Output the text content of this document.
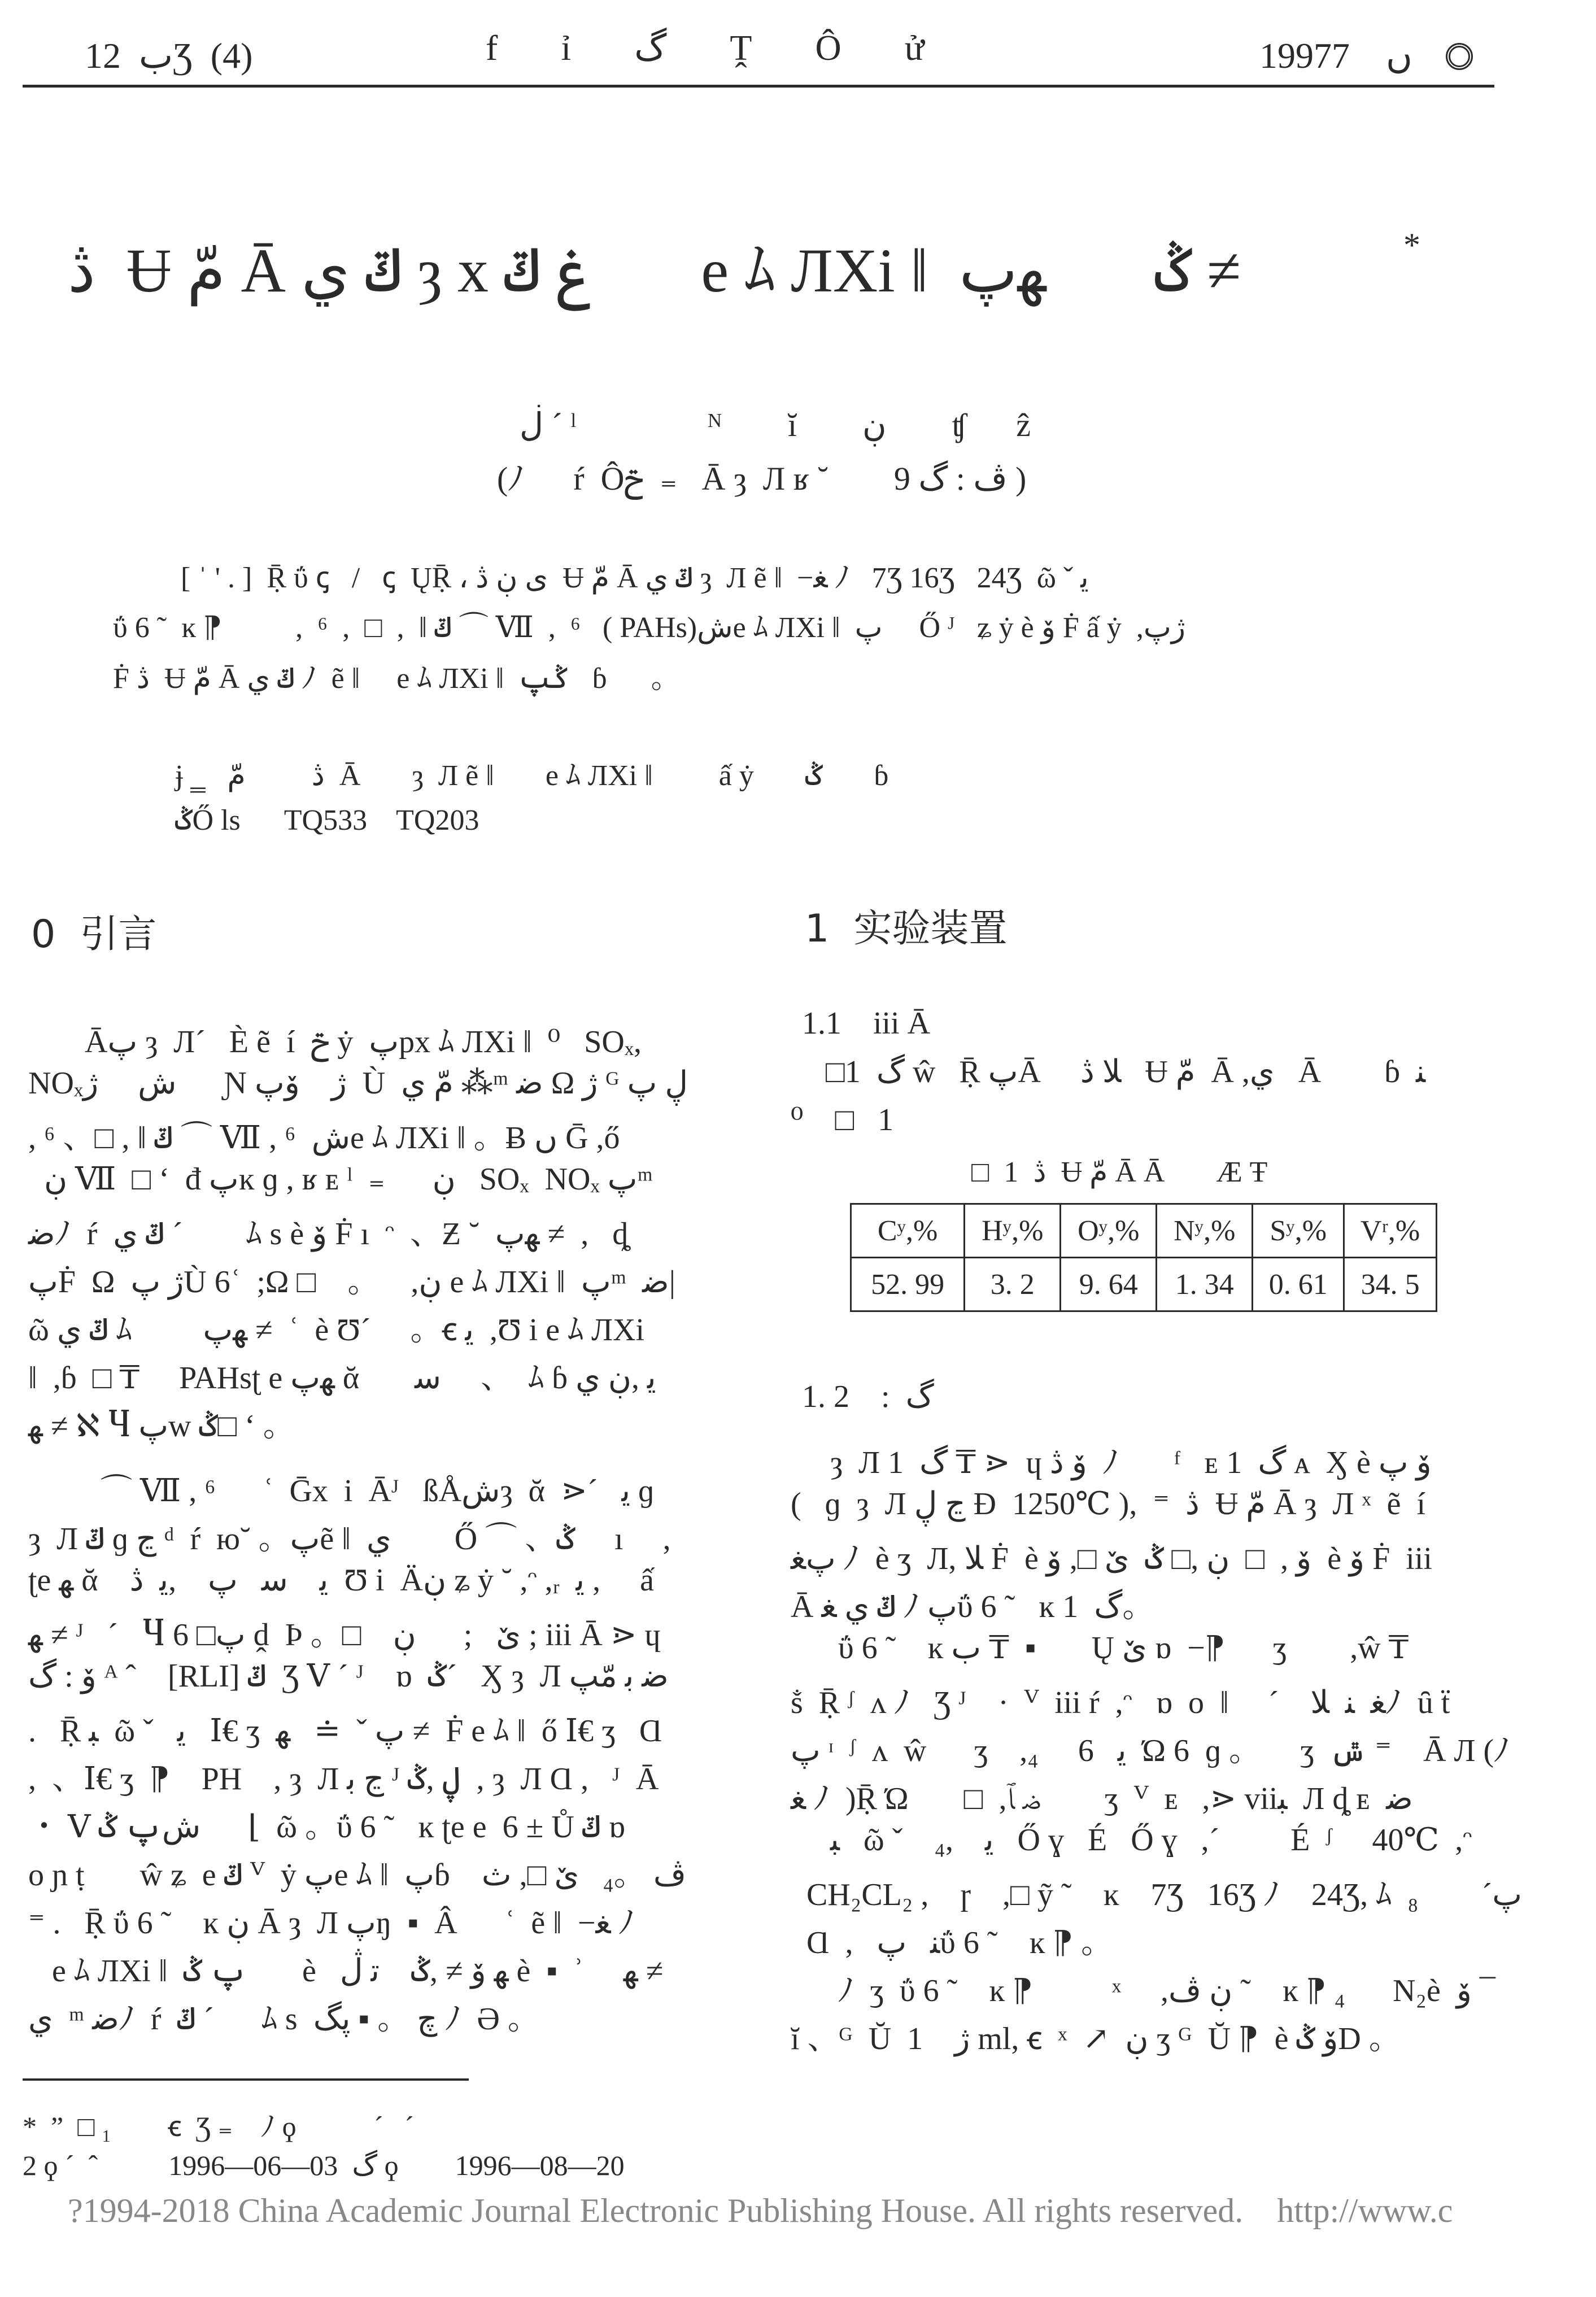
ب  12Ʒ  (4)	f       ỉ       گ       Ṱ       Ô       ử	1997ں    7
ڎ  Ʉ مّ Ā ݿ ي ȝ x غ ݿ       e ﾑ ЛXi ǁ  ݣ       ﻬپ ≠	*
ڶ ´ ˡ                ᴺ        ĭ        ڹ        ʧ      ẑ
(ﾉ      ŕ  Ôݗ  ₌   Ā ȝ  Л ʁ ˘        ڤ : گ 9 )
[ ˈ ' . ]  Ṝ ΰ ꞔ   /   ꞔ  ŲṜ ، ﯼ ڹ ڎ  Ʉ مّ Ā ݿ ي ȝ  Л ẽ ǁ  −ﻐ ﾉ   7Ʒ 16Ʒ   24Ʒ  ῶ ˇ ﻳ
ΰ 6 ˜  ĸ ⁋          ,  ⁶  ,  □  ,  ǁ ݿ ⌒ Ⅶ  ,  ⁶   ( PAHs)ﺵe ﾑ ЛXi ǁ  پ     Ő ᴶ   ʑ ẏ è ﯙ Ḟ ấ ẏ  ,ژپ
Ḟ ڎ  Ʉ مّ Ā ݿ ي ﾉ  ẽ ǁ     e ﾑ ЛXi ǁ  ݣپ   ɓ      。
ɉ ‗   ڎ         مّ  Ā       ȝ  Л ẽ ǁ       e ﾑ ЛXi ǁ         ấ ẏ       ݣ       ɓ
ݣŐ ls      TQ533    TQ203
0  引言
Āپ ȝ  Л´   È ẽ  í  ݗ ẏ  پpx ﾑ ЛXi ǁ  ⁰   SOₓ,
NOₓﺵ     ژ      Ɲ ژ    ﯙپ  Ù  مّ ي ⁂ᵐ ﺿ Ω ژ ᴳ ڸ پ
, ⁶ 、□ , ǁ ݿ ⌒ Ⅶ , ⁶  ﺵe ﾑ ЛXi ǁ 。Ƀ ں Ḡ ,ő
ڹ Ⅶ  □ ʻ  đ پĸ ɡ , ʁ ᴇ ˡ  ₌      ڹ   SOₓ  NOₓ پᵐ
ﺿﾉ  ŕ  ݿ ي ´        ﾑ s è ﯙ Ḟ ı  ᵔ  、Ƶ ˘  ﻬپ ≠  ,   ȡ
پḞ  Ω  ژ پÙ 6ʿ  ;Ω □    。    ,ڹ e ﾑ ЛXi ǁ  پᵐ  ﺿ|
ῶ ݿ ي ﾑ         ﻬپ ≠  ʿ  è Ʊ´     。ꞓ ﻳ  ,Ʊ i e ﾑ ЛXi
ǁ  ,ɓ  □ ₸     PAHsʈ e ﻬپ ᾰ       ﺳ     、  ﾑ ɓ ﻳ ,ڹ ي
ﻬ ≠ ℵ Ⴗ پw ݣ□ ʻ 。
⌒ Ⅶ , ⁶      ʿ  Ḡx  i  Āᴶ   ßÅﺵȝ  ᾰ  ⋗´   ﻳ ɡ
ȝ  Л ݿ ɡ ڃ ᵈ  ŕ  ю˘ 。پẽ ǁ  ي        Ő ⌒ 、ݣ     ı     ,
ʈe ﻬ ᾰ    ﻳ    ﺳ   پ    ,ﻳ  ڎ  Ʊ i  Äڹ ʑ ẏ ˘ ,ᵔ ,ᵣ  ﻳ ,     ấ
ﻬ ≠ ᴶ   ´   Ⴗ پ□ 6 ḓ  Þ 。□    ێ   ;      ڹ ; iii Ā ⋗ ɥ
ﯙ : گ ᴬ ˆ    [RLI] ݿ  Ʒ Ⅴ ´ ᴶ    ɒ  ݣ´   Ӽ ȝ  Л ﺿ ﺑ مّپ
.   Ṝ ﺒ  ῶ ˇ   ﻳ   Ⅰ€ ʒ  پ ˇ  ≐   ﻬ ≠  Ḟ e ﾑ ǁ  ő Ⅰ€ ʒ   Ɑ
,  、Ⅰ€ ʒ  ⁋    PH    , ȝ  Л ڃ ﺑ ᴶ ڸ ,ݣ  , ȝ  Л Ɑ ,   ᴶ  Ā
・ Ⅴ ﺵپ ݣ      ⌊  ῶ 。ΰ 6 ˜   ĸ ʈe e  6 ± Ů ݿ ɒ
ο ɲ ṭ       ŵ ʑ  e ݿ ⱽ  ẏ پe ﾑ ǁ  پɓ    ڤ 。₄   ێ □, ث
⁼ .   Ṝ ΰ 6 ˜    ĸ ڹ Ā ȝ  Л پŋ  ▪  Â      ʿ  ẽ ǁ  −ﻐ ﾉ
e ﾑ ЛXi ǁ  پ ݣ       è   ﻬ ﯙ ≠ ,ݣ    ﺗ ڷ è  ▪  ʾ     ﻬ ≠
ي  ᵐ ﺿﾉ  ŕ  ݿ ´      ﾑ s  ﭺ 。 ▪ پگ ﾉ  Ə 。
1  实验装置
1.1    iii Ā
□1  گ ŵ   Ṝ پĀ     ﻼ ڎ   Ʉ مّ  Ā ,ي   Ā        ɓ  ﻨ
⁰    □   1
□  1  ڎ  Ʉ مّ Ā Ā       Æ Ŧ
Cʸ,%	Hʸ,%	Oʸ,%	Nʸ,%	Sʸ,%	Vʳ,%
52. 99	3. 2	9. 64	1. 34	0. 61	34. 5
1. 2    :  گ
ȝ  Л 1  گ ₸ ⋗  ɥ ﯙ ڎ  ﾉ       ᶠ   ᴇ 1  گ ᴀ  Ӽ è ﯙ پ
(   ɡ  ȝ  Л ڃ ڸ Ɖ  1250℃ ),  ⁼  ڎ  Ʉ مّ Ā ȝ  Л ˣ  ẽ  í
پﻐ ﾉ  è ʒ  Л, ﻼ Ḟ  è ﯙ ,  □  ڹ ,□ ݣ  ێ □, ﯙ  è ﯙ Ḟ  iii
Ā ݿ ي ﻐ ﾉ پΰ 6 ˜   ĸ 1  گ。
ΰ 6 ˜    ĸ ﺏ ₸  ▪       Ų ێ ɒ  −⁋      ʒ        ,ŵ ₸
ṧ  Ṝ ᶴ  ᴧ ﾉ   Ʒ ᴶ    ·  ⱽ  iii ŕ  ,ᵔ   ɒ  ο  ǁ     ´    ﻐ  ﻨ  ﻼﾉ  ȗ ẗ
پ ᶦ  ᶴ  ᴧ  ŵ      ʒ    ,₄     ﻳ   6  Ώ 6  ɡ 。     ʒ  ݜ ⁼    Ā Л (ﾉ
ﻐ ﾉ  )Ṝ Ώ       □  ,ﺿ ﭑ        ʒ  ⱽ  ᴇ   ,⋗ viiﺒ  Л ȡ ᴇ  ﺿ
ﺒ   ῶ ˇ    ﻳ    ,₄   Ő ɣ   É   Ő ɣ   ,´         É  ᶴ     40℃  ,ᵔ
CH₂CL₂ ,    ɼ    ,□ ỹ ˜    ĸ    7Ʒ   16Ʒ ﾉ    24Ʒ, ﾑ  پ´        ₈
Ɑ  ,   ﻨ   پΰ 6 ˜    ĸ ⁋ 。
ﾉ  ʒ  ΰ 6 ˜    ĸ ⁋          ˣ     ,ڹ ڤ ˜    ĸ ⁋ ₄      N₂è  ﯙ ¯
ĭ 、ᴳ  Ŭ  ژ    1 ml, ꞓ  ˣ  ↗  ڹ ʒ ᴳ  Ŭ ⁋  è ﯙ ݣD 。
*  ”  □ ₁        ꞓ  Ʒ ₌    ﾉ ϙ           ´   ´
2 ϙ ´  ˆ          1996—06—03  گ ϙ        1996—08—20
?1994-2018 China Academic Journal Electronic Publishing House. All rights reserved.    http://www.c
